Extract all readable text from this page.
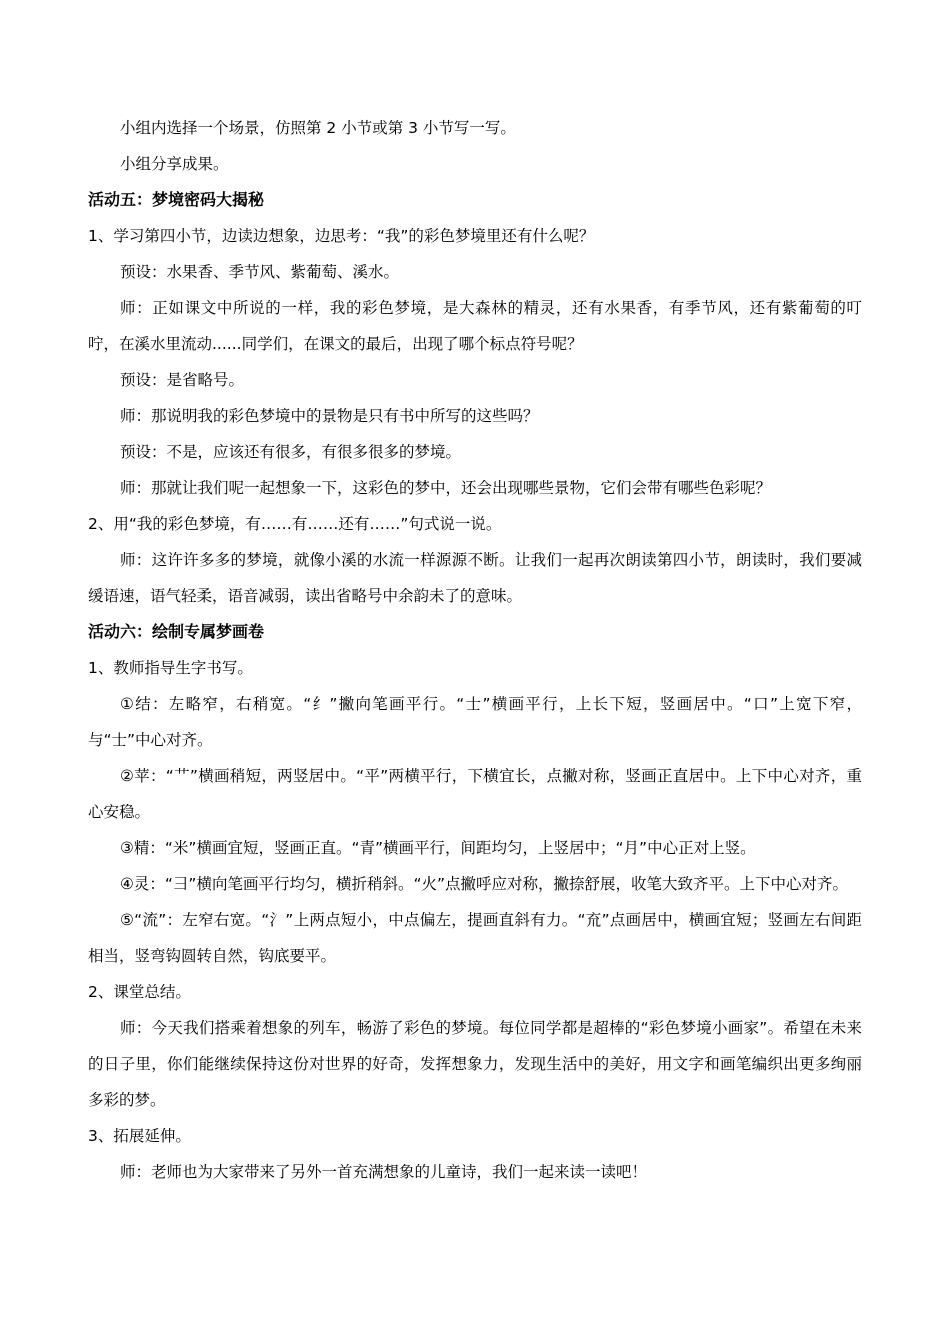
小组内选择一个场景，仿照第 2 小节或第 3 小节写一写。

小组分享成果。

活动五：梦境密码大揭秘

1、学习第四小节，边读边想象，边思考：“我”的彩色梦境里还有什么呢？

预设：水果香、季节风、紫葡萄、溪水。

师：正如课文中所说的一样，我的彩色梦境，是大森林的精灵，还有水果香，有季节风，还有紫葡萄的叮咛，在溪水里流动......同学们，在课文的最后，出现了哪个标点符号呢？

预设：是省略号。

师：那说明我的彩色梦境中的景物是只有书中所写的这些吗？

预设：不是，应该还有很多，有很多很多的梦境。

师：那就让我们呢一起想象一下，这彩色的梦中，还会出现哪些景物，它们会带有哪些色彩呢？

2、用“我的彩色梦境，有……有……还有……”句式说一说。

师：这许许多多的梦境，就像小溪的水流一样源源不断。让我们一起再次朗读第四小节，朗读时，我们要减缓语速，语气轻柔，语音减弱，读出省略号中余韵未了的意味。

活动六：绘制专属梦画卷

1、教师指导生字书写。

①结：左略窄，右稍宽。“纟”撇向笔画平行。“士”横画平行，上长下短，竖画居中。“口”上宽下窄，与“士”中心对齐。

②苹：“艹”横画稍短，两竖居中。“平”两横平行，下横宜长，点撇对称，竖画正直居中。上下中心对齐，重心安稳。

③精：“米”横画宜短，竖画正直。“青”横画平行，间距均匀，上竖居中；“月”中心正对上竖。

④灵：“彐”横向笔画平行均匀，横折稍斜。“火”点撇呼应对称，撇捺舒展，收笔大致齐平。上下中心对齐。

⑤“流”：左窄右宽。“氵”上两点短小，中点偏左，提画直斜有力。“㐬”点画居中，横画宜短；竖画左右间距相当，竖弯钩圆转自然，钩底要平。

2、课堂总结。

师：今天我们搭乘着想象的列车，畅游了彩色的梦境。每位同学都是超棒的“彩色梦境小画家”。希望在未来的日子里，你们能继续保持这份对世界的好奇，发挥想象力，发现生活中的美好，用文字和画笔编织出更多绚丽多彩的梦。

3、拓展延伸。

师：老师也为大家带来了另外一首充满想象的儿童诗，我们一起来读一读吧！
